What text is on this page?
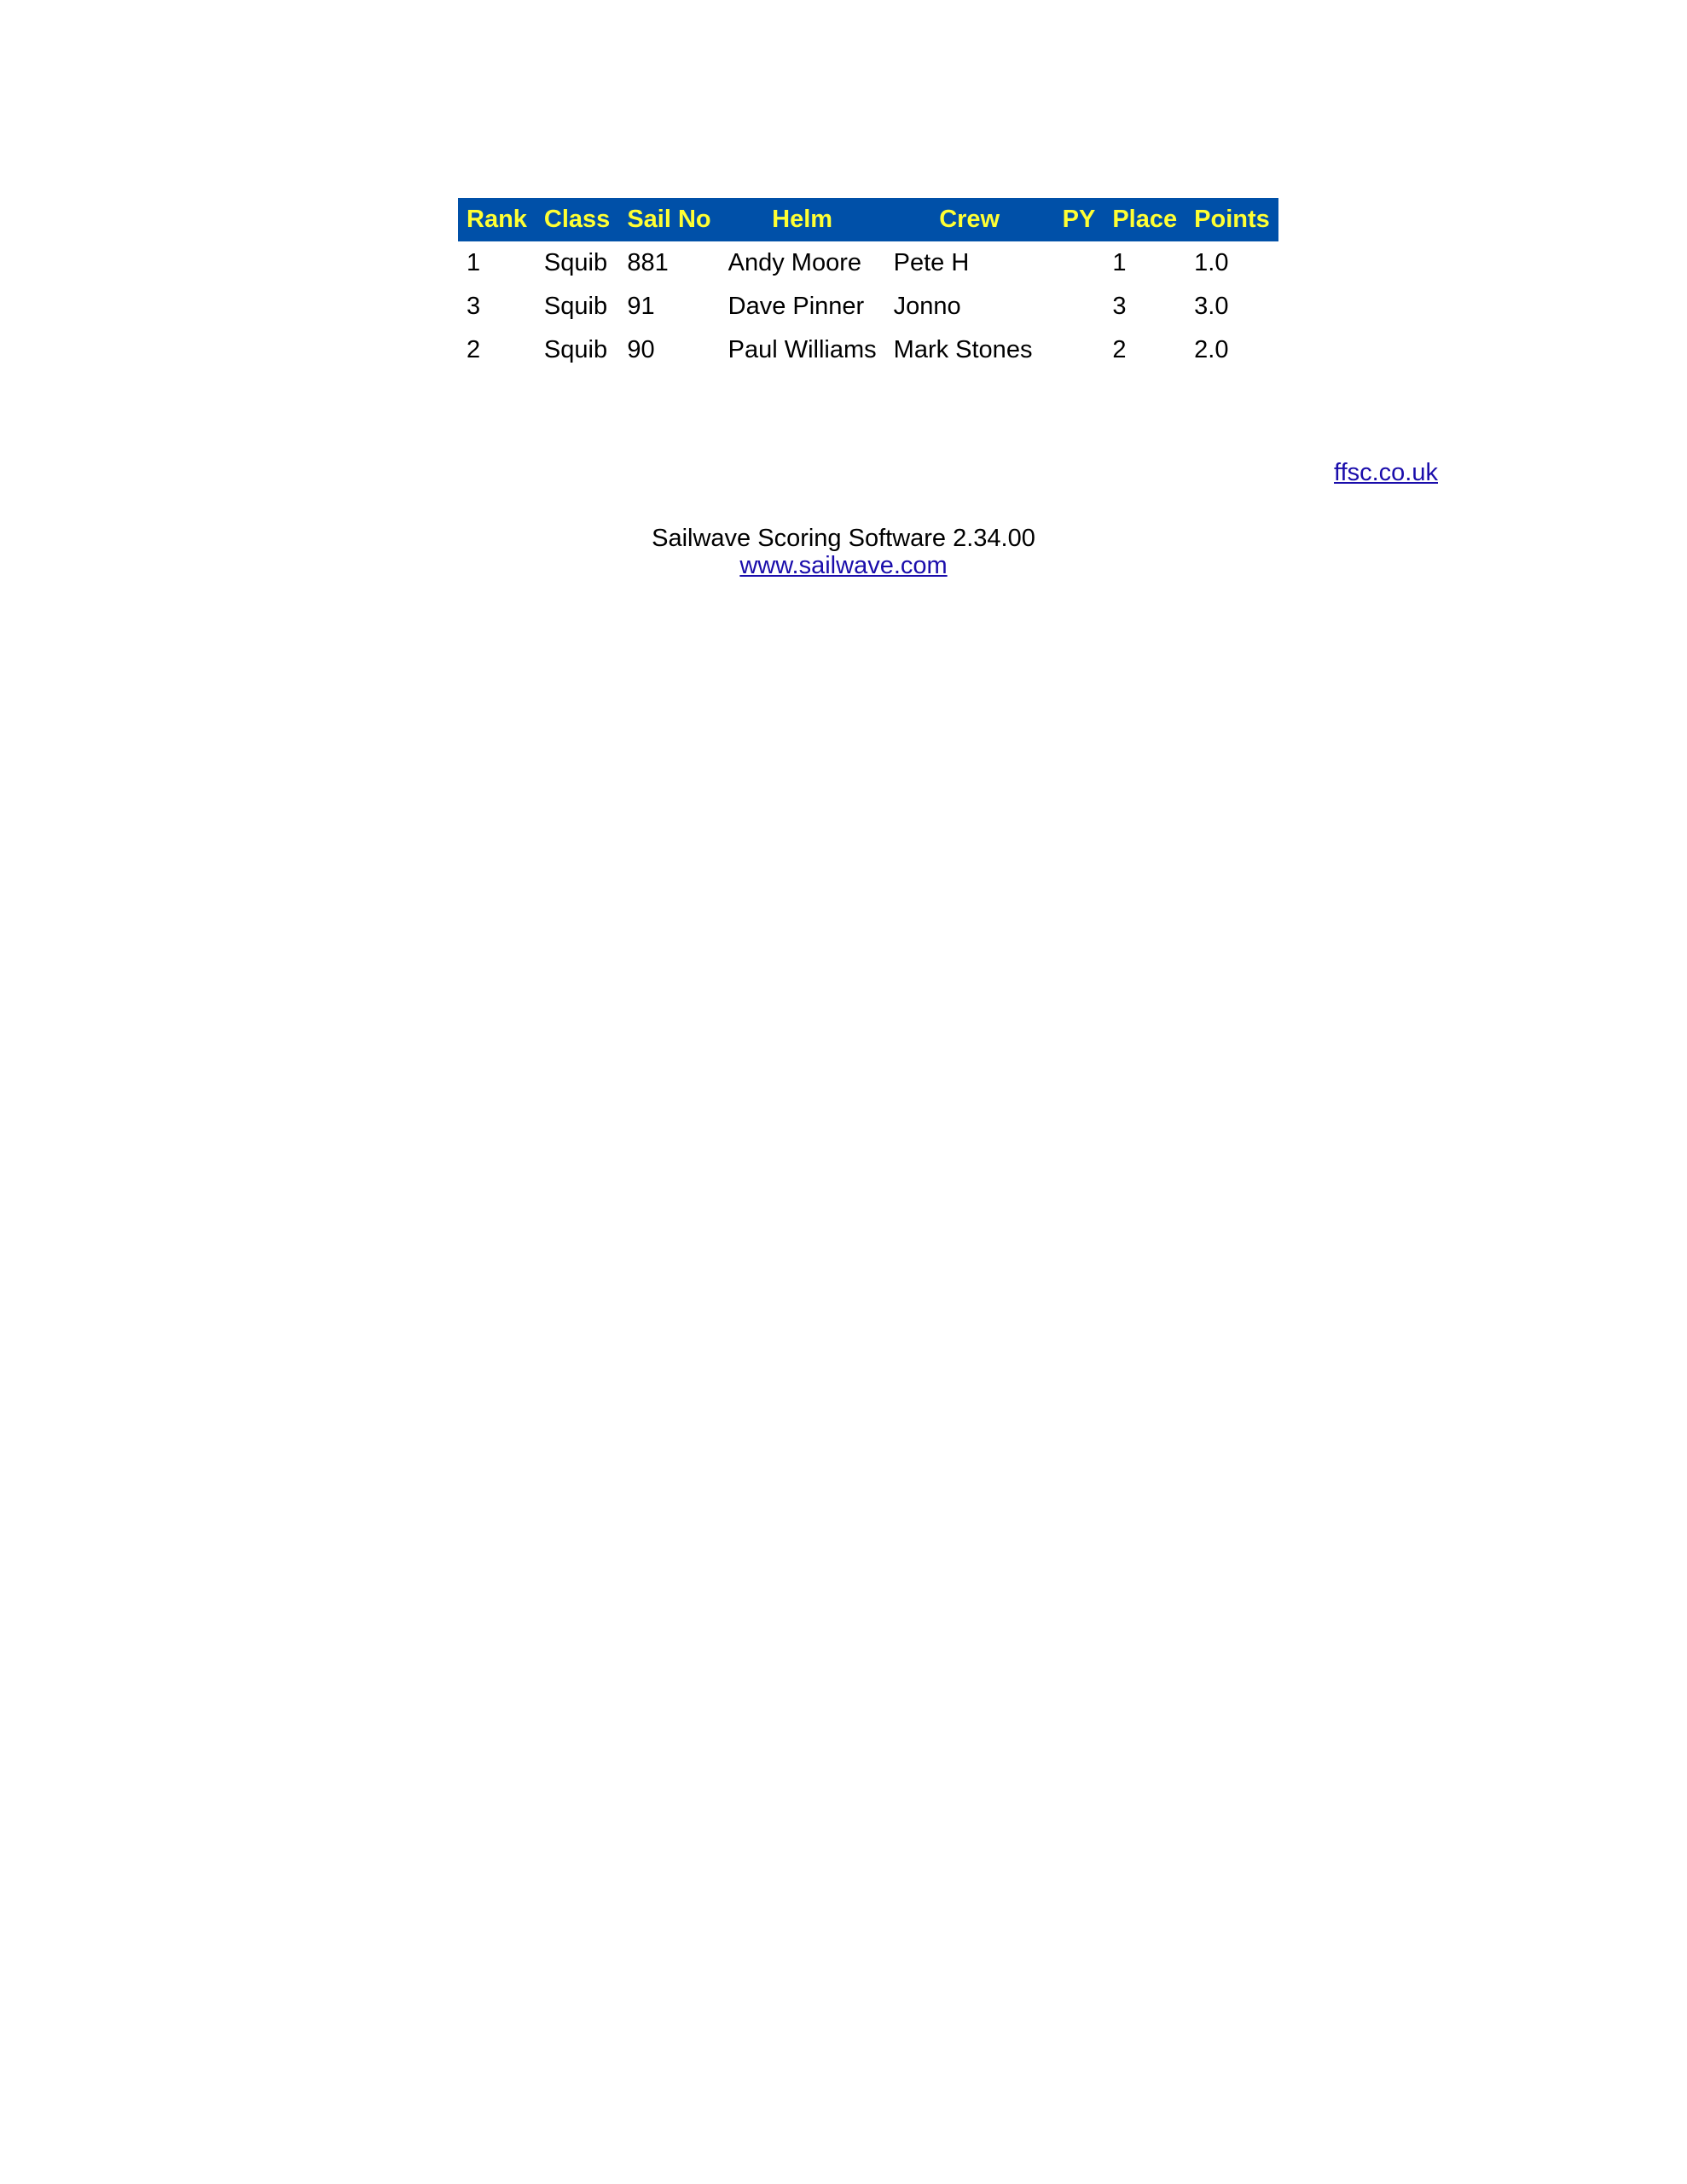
Rank	Class	Sail No	Helm	Crew	PY	Place	Points
1	Squib	881	Andy Moore	Pete H		1	1.0
3	Squib	91	Dave Pinner	Jonno		3	3.0
2	Squib	90	Paul Williams	Mark Stones		2	2.0
ffsc.co.uk
Sailwave Scoring Software 2.34.00
www.sailwave.com
